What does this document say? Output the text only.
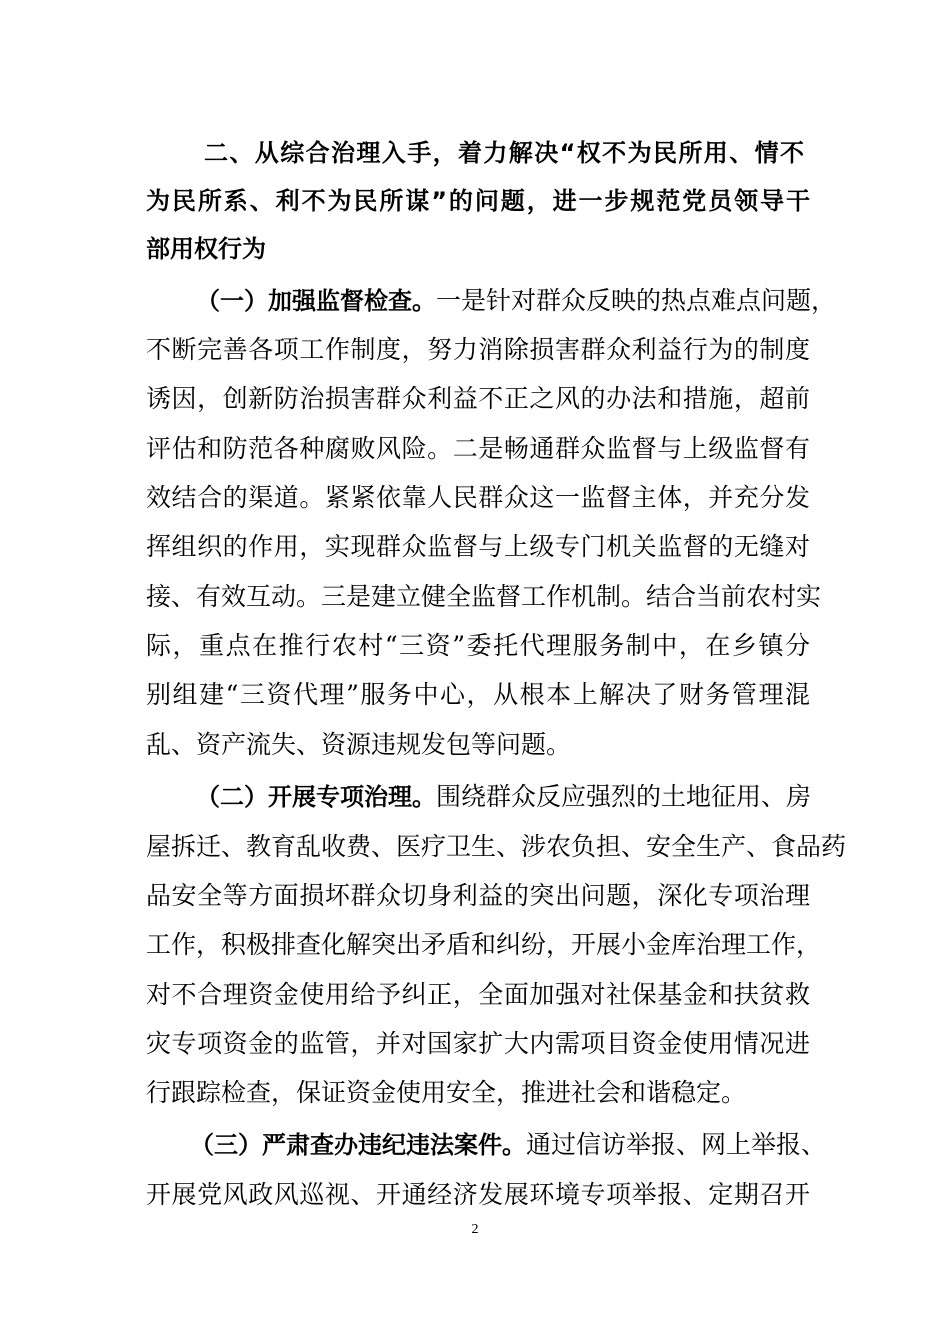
二、从综合治理入手，着力解决“权不为民所用、情不
为民所系、利不为民所谋”的问题，进一步规范党员领导干
部用权行为
（一）加强监督检查。一是针对群众反映的热点难点问题，
不断完善各项工作制度，努力消除损害群众利益行为的制度
诱因，创新防治损害群众利益不正之风的办法和措施，超前
评估和防范各种腐败风险。二是畅通群众监督与上级监督有
效结合的渠道。紧紧依靠人民群众这一监督主体，并充分发
挥组织的作用，实现群众监督与上级专门机关监督的无缝对
接、有效互动。三是建立健全监督工作机制。结合当前农村实
际，重点在推行农村“三资”委托代理服务制中，在乡镇分
别组建“三资代理”服务中心，从根本上解决了财务管理混
乱、资产流失、资源违规发包等问题。
（二）开展专项治理。围绕群众反应强烈的土地征用、房
屋拆迁、教育乱收费、医疗卫生、涉农负担、安全生产、食品药
品安全等方面损坏群众切身利益的突出问题，深化专项治理
工作，积极排查化解突出矛盾和纠纷，开展小金库治理工作，
对不合理资金使用给予纠正，全面加强对社保基金和扶贫救
灾专项资金的监管，并对国家扩大内需项目资金使用情况进
行跟踪检查，保证资金使用安全，推进社会和谐稳定。
（三）严肃查办违纪违法案件。通过信访举报、网上举报、
开展党风政风巡视、开通经济发展环境专项举报、定期召开
2
